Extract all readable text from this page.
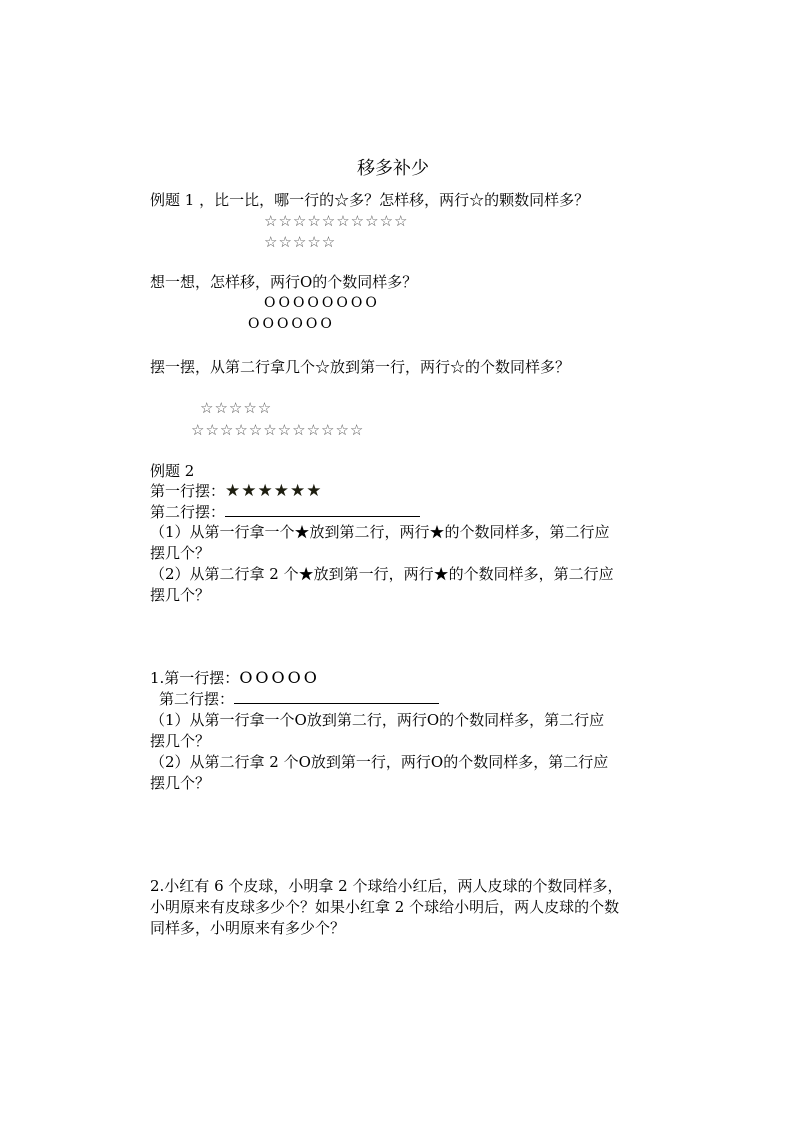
移多补少
例题 1 ，比一比，哪一行的☆多？怎样移，两行☆的颗数同样多？
☆☆☆☆☆☆☆☆☆☆
☆☆☆☆☆
想一想，怎样移，两行O的个数同样多？
OOOOOOOO
OOOOOO
摆一摆，从第二行拿几个☆放到第一行，两行☆的个数同样多？
☆☆☆☆☆
☆☆☆☆☆☆☆☆☆☆☆☆
例题 2
第一行摆：★★★★★★
第二行摆：
（1）从第一行拿一个★放到第二行，两行★的个数同样多，第二行应
摆几个？
（2）从第二行拿 2 个★放到第一行，两行★的个数同样多，第二行应
摆几个？
1.第一行摆：OOOOO
第二行摆：
（1）从第一行拿一个O放到第二行，两行O的个数同样多，第二行应
摆几个？
（2）从第二行拿 2 个O放到第一行，两行O的个数同样多，第二行应
摆几个？
2.小红有 6 个皮球，小明拿 2 个球给小红后，两人皮球的个数同样多，
小明原来有皮球多少个？如果小红拿 2 个球给小明后，两人皮球的个数
同样多，小明原来有多少个？
